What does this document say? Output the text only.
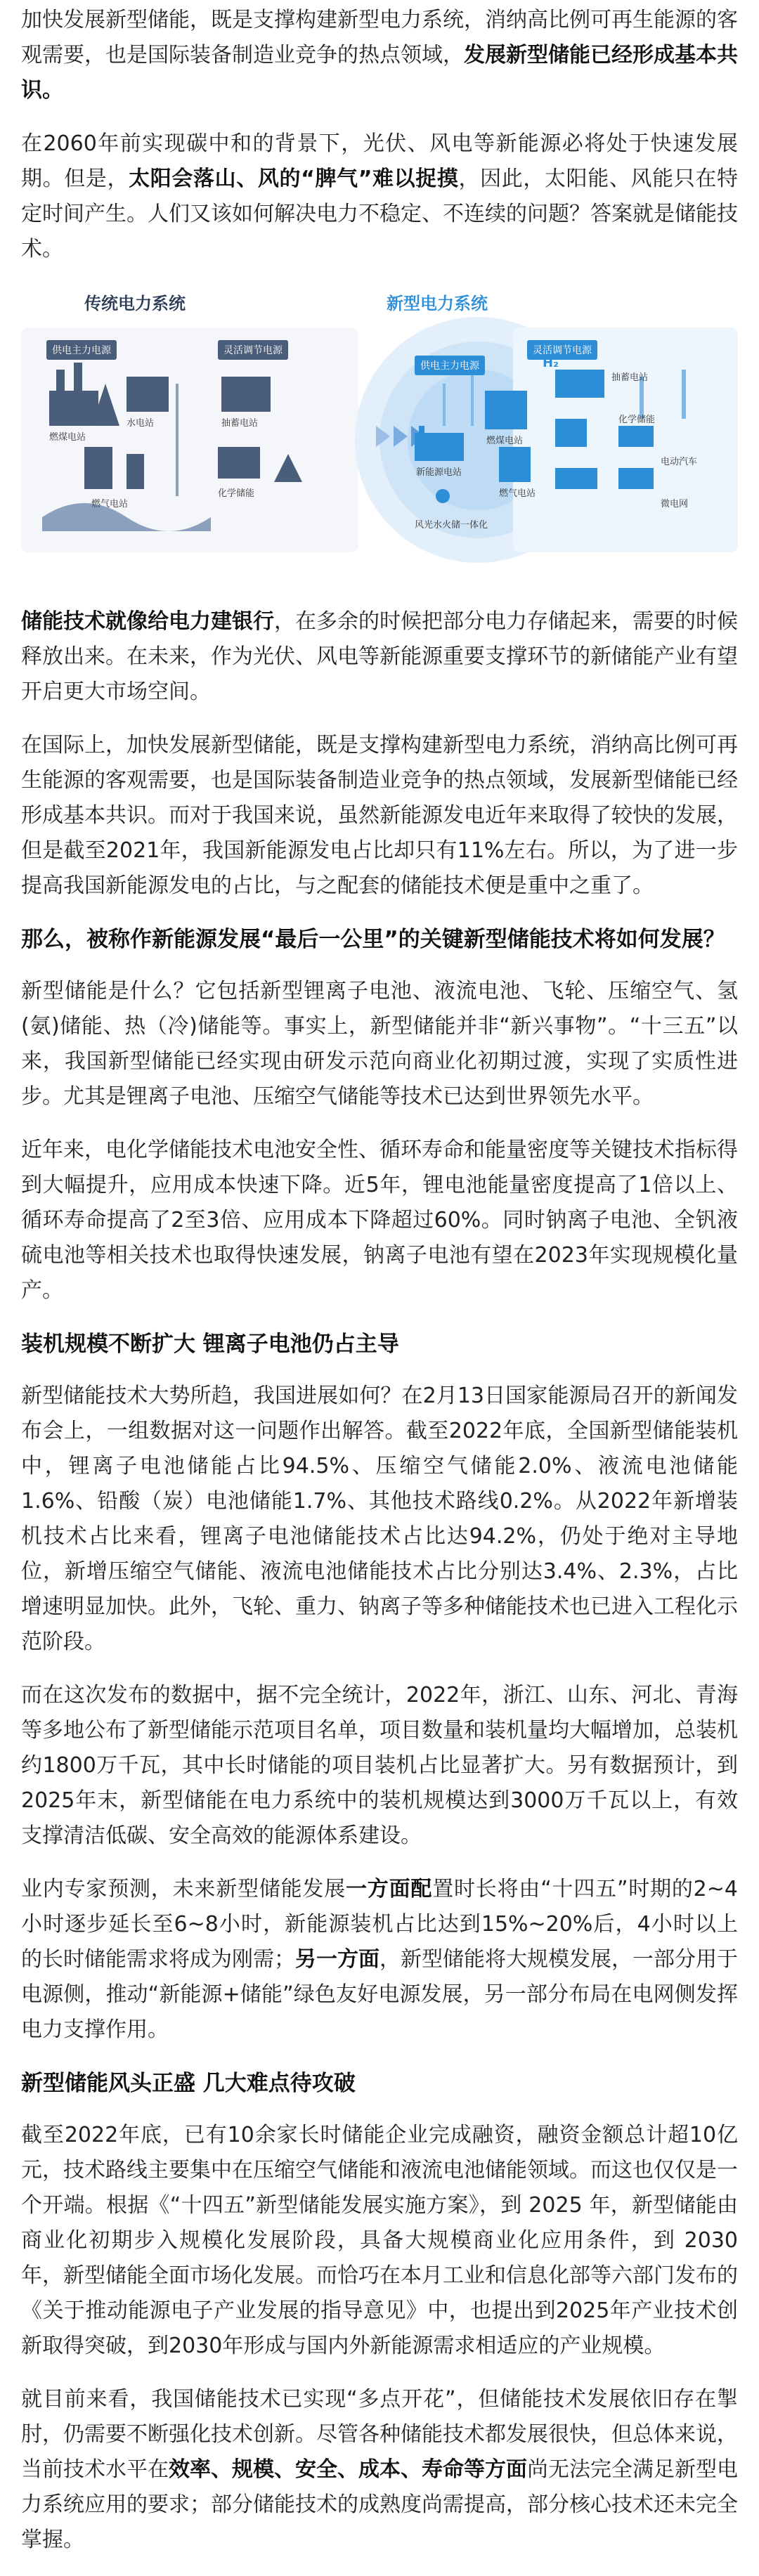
加快发展新型储能，既是支撑构建新型电力系统，消纳高比例可再生能源的客观需要，也是国际装备制造业竞争的热点领域，发展新型储能已经形成基本共识。

在2060年前实现碳中和的背景下，光伏、风电等新能源必将处于快速发展期。但是，太阳会落山、风的“脾气”难以捉摸，因此，太阳能、风能只在特定时间产生。人们又该如何解决电力不稳定、不连续的问题？答案就是储能技术。

传统电力系统	新型电力系统
供电主力电源	灵活调节电源
供电主力电源
灵活调节电源
燃煤电站
水电站
燃气电站
抽蓄电站
化学储能
新能源电站
燃煤电站
燃气电站
风光水火储一体化
抽蓄电站
化学储能
电动汽车
微电网
H₂

储能技术就像给电力建银行，在多余的时候把部分电力存储起来，需要的时候释放出来。在未来，作为光伏、风电等新能源重要支撑环节的新储能产业有望开启更大市场空间。

在国际上，加快发展新型储能，既是支撑构建新型电力系统，消纳高比例可再生能源的客观需要，也是国际装备制造业竞争的热点领域，发展新型储能已经形成基本共识。而对于我国来说，虽然新能源发电近年来取得了较快的发展，但是截至2021年，我国新能源发电占比却只有11%左右。所以，为了进一步提高我国新能源发电的占比，与之配套的储能技术便是重中之重了。

那么，被称作新能源发展“最后一公里”的关键新型储能技术将如何发展？

新型储能是什么？它包括新型锂离子电池、液流电池、飞轮、压缩空气、氢(氨)储能、热（冷)储能等。事实上，新型储能并非“新兴事物”。“十三五”以来，我国新型储能已经实现由研发示范向商业化初期过渡，实现了实质性进步。尤其是锂离子电池、压缩空气储能等技术已达到世界领先水平。

近年来，电化学储能技术电池安全性、循环寿命和能量密度等关键技术指标得到大幅提升，应用成本快速下降。近5年，锂电池能量密度提高了1倍以上、循环寿命提高了2至3倍、应用成本下降超过60%。同时钠离子电池、全钒液硫电池等相关技术也取得快速发展，钠离子电池有望在2023年实现规模化量产。

装机规模不断扩大 锂离子电池仍占主导

新型储能技术大势所趋，我国进展如何？在2月13日国家能源局召开的新闻发布会上，一组数据对这一问题作出解答。截至2022年底，全国新型储能装机中，锂离子电池储能占比94.5%、压缩空气储能2.0%、液流电池储能1.6%、铅酸（炭）电池储能1.7%、其他技术路线0.2%。从2022年新增装机技术占比来看，锂离子电池储能技术占比达94.2%，仍处于绝对主导地位，新增压缩空气储能、液流电池储能技术占比分别达3.4%、2.3%，占比增速明显加快。此外，飞轮、重力、钠离子等多种储能技术也已进入工程化示范阶段。

而在这次发布的数据中，据不完全统计，2022年，浙江、山东、河北、青海等多地公布了新型储能示范项目名单，项目数量和装机量均大幅增加，总装机约1800万千瓦，其中长时储能的项目装机占比显著扩大。另有数据预计，到2025年末，新型储能在电力系统中的装机规模达到3000万千瓦以上，有效支撑清洁低碳、安全高效的能源体系建设。

业内专家预测，未来新型储能发展一方面配置时长将由“十四五”时期的2~4小时逐步延长至6~8小时，新能源装机占比达到15%~20%后，4小时以上的长时储能需求将成为刚需；另一方面，新型储能将大规模发展，一部分用于电源侧，推动“新能源+储能”绿色友好电源发展，另一部分布局在电网侧发挥电力支撑作用。

新型储能风头正盛 几大难点待攻破

截至2022年底，已有10余家长时储能企业完成融资，融资金额总计超10亿元，技术路线主要集中在压缩空气储能和液流电池储能领域。而这也仅仅是一个开端。根据《“十四五”新型储能发展实施方案》，到 2025 年，新型储能由商业化初期步入规模化发展阶段，具备大规模商业化应用条件，到 2030 年，新型储能全面市场化发展。而恰巧在本月工业和信息化部等六部门发布的《关于推动能源电子产业发展的指导意见》中，也提出到2025年产业技术创新取得突破，到2030年形成与国内外新能源需求相适应的产业规模。

就目前来看，我国储能技术已实现“多点开花”，但储能技术发展依旧存在掣肘，仍需要不断强化技术创新。尽管各种储能技术都发展很快，但总体来说，当前技术水平在效率、规模、安全、成本、寿命等方面尚无法完全满足新型电力系统应用的要求；部分储能技术的成熟度尚需提高，部分核心技术还未完全掌握。
